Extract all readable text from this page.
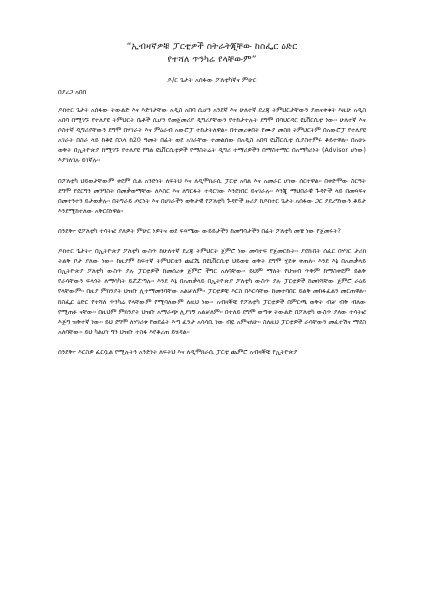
“ኢብዛኛዎቹ ፓርቲዎች ስትራትጂቸው ከስፌር ዕድር
የተሻለ ጥንካሬ የላቸውም”
ዶ/ር ጌታት አሰፋው ፖለቲካኛና ምሁር
በያረጋ አበበ

ዶክተር ጌታት አሰፋው ትውልድ እና እድገታቸው አዲስ አበባ ሲሆን አንደኛ እና ሁለተኛ ደረጃ ትምህርታቸውን ያጠናቀቁት እዚሁ አዲስ አበባ በሚገኙ የተለያዩ ትምህርት ቤቶች ሲሆን የመጀመሪያ ዲግሪያቸውን የተከታተሉት ደግሞ በባህርዳር ዩኒቨርሲቲ ነው። ሁለተኛ እና ሶስተኛ ዲግሪያቸውን ደግሞ በሃገራት እና ምዕራብ አውሮፓ ተከታትለዋል። በተመረቁበት የሙያ መስክ ትምህርትም በአውሮፓ የተለያዩ አገራት በስራ ላይ ከቆዩ በኋላ ከ20 ዓመት በፊት ወደ አገራቸው ተመልሰው በአዲስ አበባ ዩኒቨርሲቲ ሲያስተምሩ ቆይተዋል። በአሁኑ ወቅት በኢትዮጵያ ከሚገኙ የተለያዩ የግል ዩኒቨርሲቲዎች የማስትሬት ዲግሪ ተማሪዎችን በማስተማር በአማካሪነት (Advisor ሆነው) እያገለገሉ ይገኛሉ።

በፖለቲካ ህይወታቸውም ቀደም ሲል አንድነት ለፍትህ እና ለዲሞክራሲ ፓርቲ አባል እና አመራር ሆነው ሰርተዋል። በቀድሞው ስርዓት ደግሞ የደርግን መንግስት በመቃወማቸው ለእስር እና ለግርፋት ተዳርገው እንደነበር ይናገራሉ። እንጂ ማህበራዊ ጉዳዮች ላይ በመጻፍና በመተንተን ይታወቃሉ። በትግራይ ጦርነት እና በሀገራችን ወቅታዊ የፖለቲካ ጉዳዮች ዙሪያ ከዶክተር ጌታት አሰፋው ጋር ያደረግነውን ቆይታ እንደሚከተለው አቅርበነዋል።

ሰንደቅ፦ ዩፖለቲካ ተሳትፎ ያለዎት ምሁር ነዎትና ወደ ፍጻሜው ውይይታችን ከመግባታችን በፊት ፖለቲካ መቼ ነው የጀመሩት?

ዶክተር ጌታት፦ በኢትዮጵያ ፖለቲካ ውስጥ ከሁለተኛ ደረጃ ትምህርት ጀምሮ ነው መሳተፍ የጀመርኩት። ያደኩበት ሰፈር በሃገር ታሪክ ትልቅ ቦታ ያለው ነው። ከዚያም ከፍተኛ ትምህርቴን ጨርሼ በዩኒቨርሲቲ ህይወቴ ወቅት ደግሞ ሂደቱ ቀጠለ። እንደ እኔ በአጠቃላይ በኢትዮጵያ ፖለቲካ ውስጥ ያሉ ፓርቲዎች ከመሰረቱ ጀምሮ ችግር አለባቸው። ይህም ማለት የህዝብ ጥቅም ከማስቀደም ይልቅ የራሳቸውን ፍላጎት ለማሳካት ይሯሯጣሉ። እንደ እኔ በአጠቃላይ በኢትዮጵያ ፖለቲካ ውስጥ ያሉ ፓርቲዎች ከመነሻቸው ጀምሮ ራዕይ የላቸውም። በዚያ ምክንያት ህዝቡ ሊተማመንባቸው አልቻለም። ፓርቲዎቹ እርስ በእርሳቸው ከመተባበር ይልቅ መከፋፈልን መርጠዋል። ከስፌር ዕድር የተሻለ ጥንካሬ የላቸውም የሚባለውም ለዚህ ነው። አብዛኞቹ የፖለቲካ ፓርቲዎች በምርጫ ወቅት ብቻ ብቅ ብለው የሚጠፉ ናቸው። በዚህም ምክንያት ህዝቡ አማራጭ ሊያገኝ አልቻለም። በተለይ ደግሞ ወጣቱ ትውልድ በፖለቲካ ውስጥ ያለው ተሳትፎ እጅግ ዝቅተኛ ነው። ይህ ደግሞ ለሃገሪቱ የወደፊት እጣ ፈንታ አሳሳቢ ነው ብዬ አምናለሁ። ስለዚህ ፓርቲዎች ራሳቸውን መፈተሽና ማደስ አለባቸው። ይህ ካልሆነ ግን ህዝቡ ተስፋ እየቆረጠ ይሄዳል።

ሰንደቅ፦ እርስዎ ፈርሷል የሚሉትን አንድነት ለፍትህ እና ለዲሞክራሲ ፓርቲ ጨምሮ አብዛኞቹ የኢትዮጵያ
